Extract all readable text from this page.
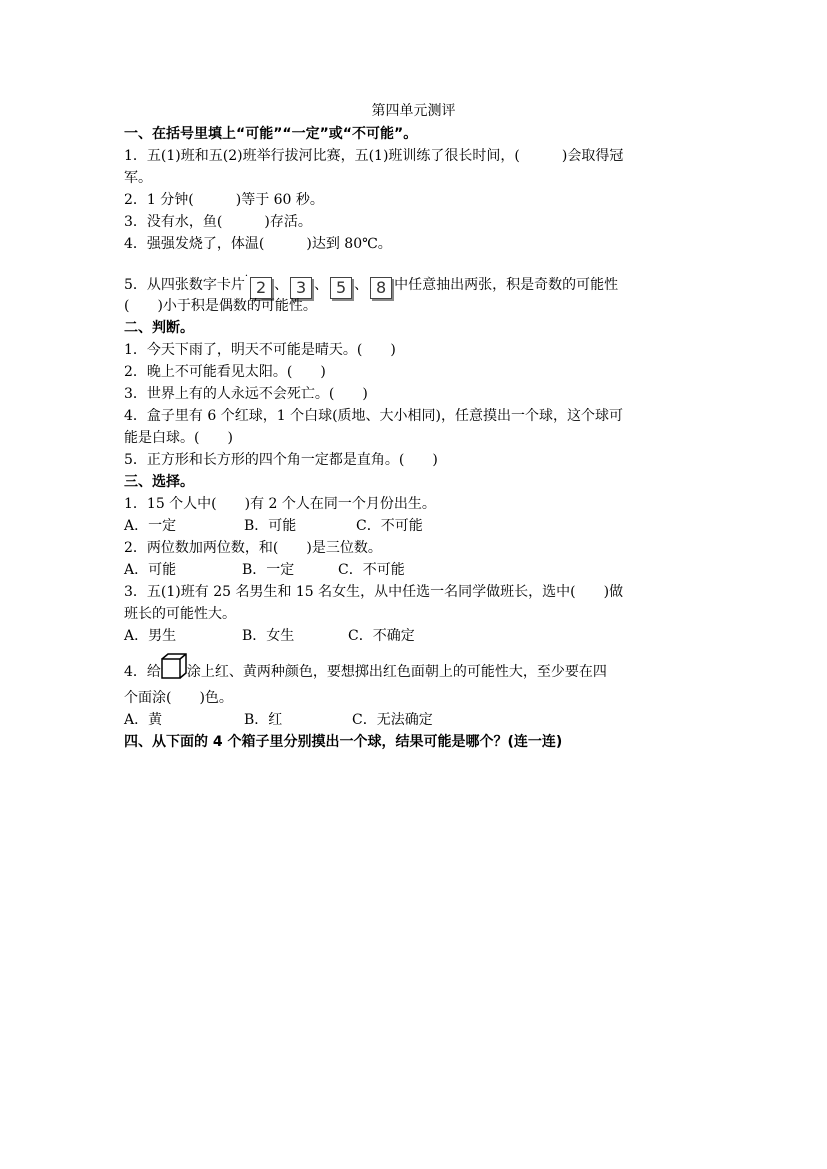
第四单元测评
一、在括号里填上“可能”“一定”或“不可能”。
1．五(1)班和五(2)班举行拔河比赛，五(1)班训练了很长时间，(　　　)会取得冠
军。
2．1 分钟(　　　)等于 60 秒。
3．没有水，鱼(　　　)存活。
4．强强发烧了，体温(　　　)达到 80℃。
5．从四张数字卡片·2 、 3 、 5 、 8 中任意抽出两张，积是奇数的可能性
(　　)小于积是偶数的可能性。
二、判断。
1．今天下雨了，明天不可能是晴天。(　　)
2．晚上不可能看见太阳。(　　)
3．世界上有的人永远不会死亡。(　　)
4．盒子里有 6 个红球，1 个白球(质地、大小相同)，任意摸出一个球，这个球可
能是白球。(　　)
5．正方形和长方形的四个角一定都是直角。(　　)
三、选择。
1．15 个人中(　　)有 2 个人在同一个月份出生。
A．一定	B．可能	C．不可能
2．两位数加两位数，和(　　)是三位数。
A．可能	B．一定	C．不可能
3．五(1)班有 25 名男生和 15 名女生，从中任选一名同学做班长，选中(　　)做
班长的可能性大。
A．男生	B．女生	C．不确定
4．给 涂上红、黄两种颜色，要想掷出红色面朝上的可能性大，至少要在四
个面涂(　　)色。
A．黄	B．红	C．无法确定
四、从下面的 4 个箱子里分别摸出一个球，结果可能是哪个？(连一连)
